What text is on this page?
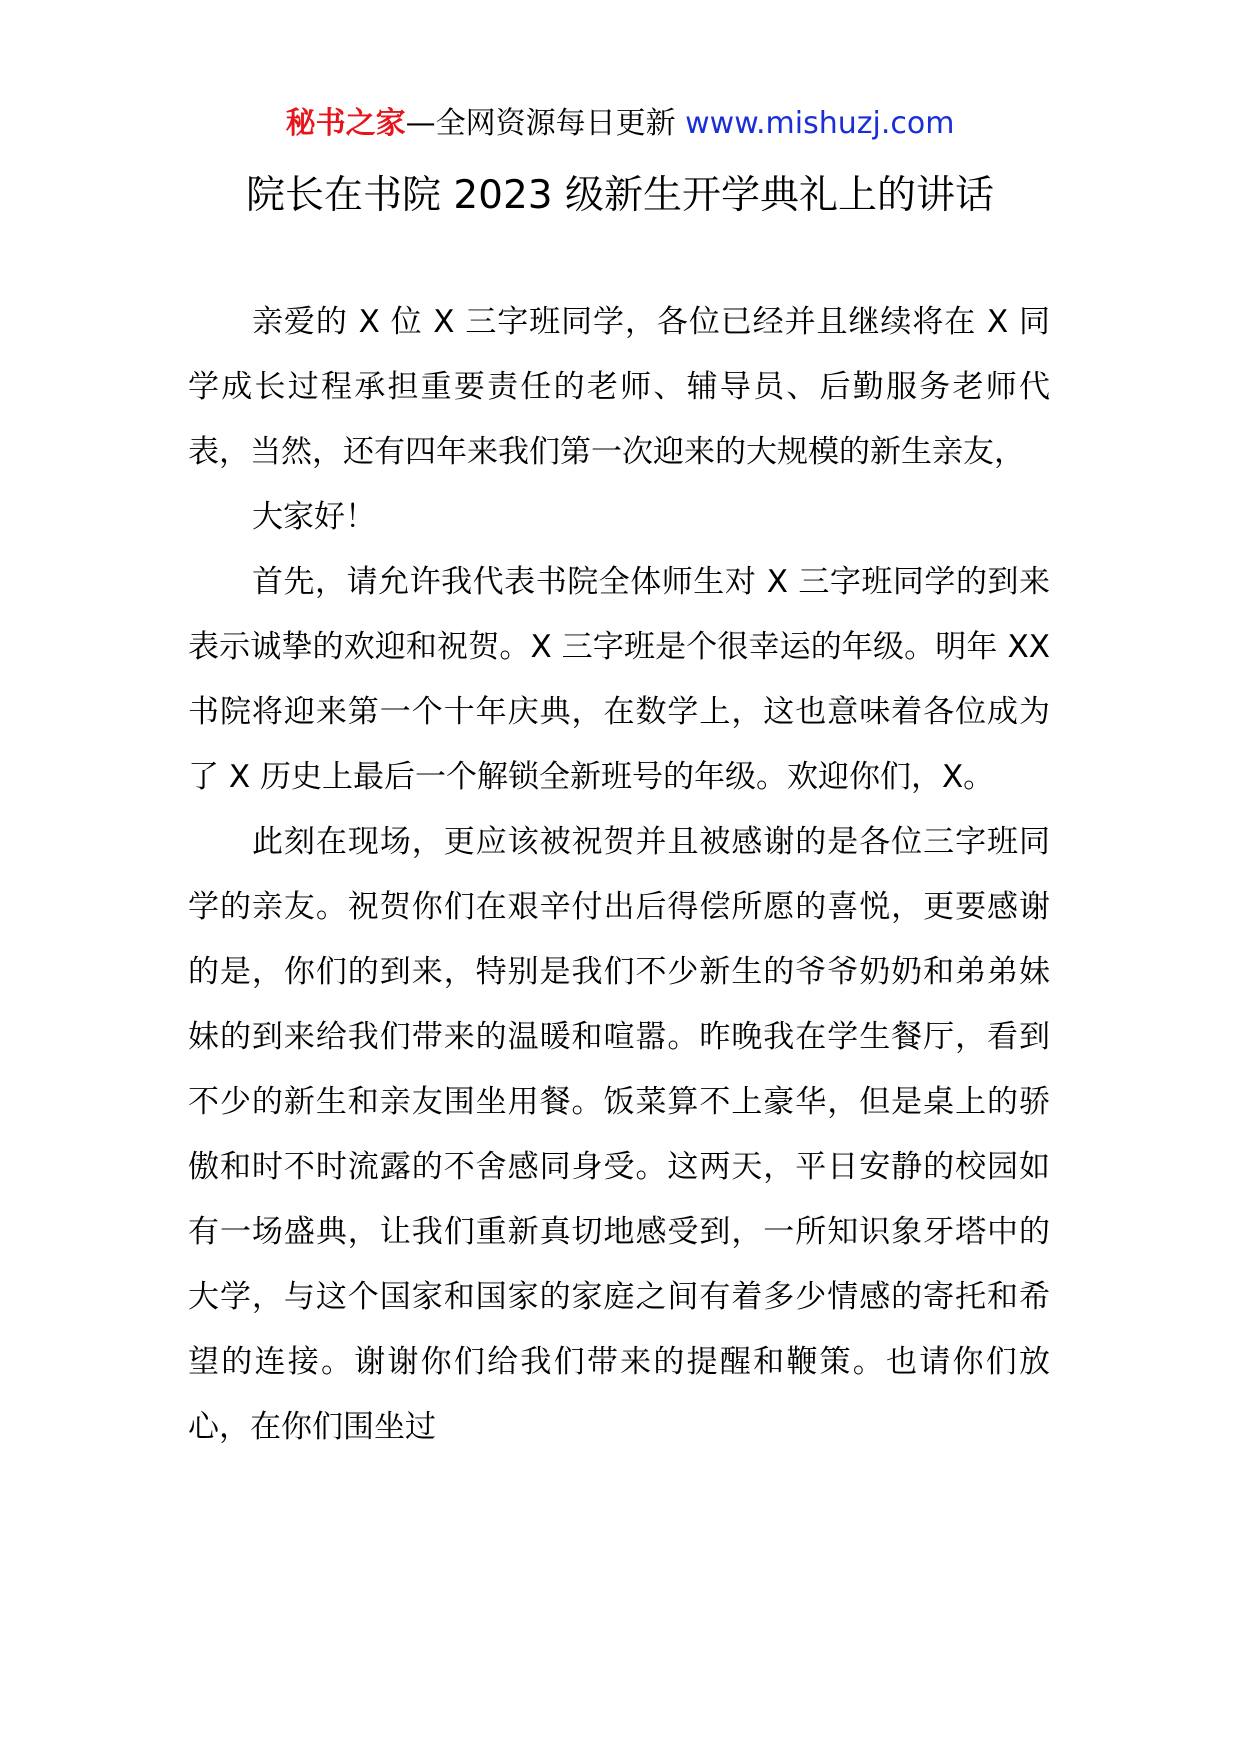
秘书之家—全网资源每日更新 www.mishuzj.com
院长在书院 2023 级新生开学典礼上的讲话

亲爱的 X 位 X 三字班同学，各位已经并且继续将在 X 同学成长过程承担重要责任的老师、辅导员、后勤服务老师代表，当然，还有四年来我们第一次迎来的大规模的新生亲友，

大家好！

首先，请允许我代表书院全体师生对 X 三字班同学的到来表示诚挚的欢迎和祝贺。X 三字班是个很幸运的年级。明年 XX 书院将迎来第一个十年庆典，在数学上，这也意味着各位成为了 X 历史上最后一个解锁全新班号的年级。欢迎你们，X。

此刻在现场，更应该被祝贺并且被感谢的是各位三字班同学的亲友。祝贺你们在艰辛付出后得偿所愿的喜悦，更要感谢的是，你们的到来，特别是我们不少新生的爷爷奶奶和弟弟妹妹的到来给我们带来的温暖和喧嚣。昨晚我在学生餐厅，看到不少的新生和亲友围坐用餐。饭菜算不上豪华，但是桌上的骄傲和时不时流露的不舍感同身受。这两天，平日安静的校园如有一场盛典，让我们重新真切地感受到，一所知识象牙塔中的大学，与这个国家和国家的家庭之间有着多少情感的寄托和希望的连接。谢谢你们给我们带来的提醒和鞭策。也请你们放心，在你们围坐过
